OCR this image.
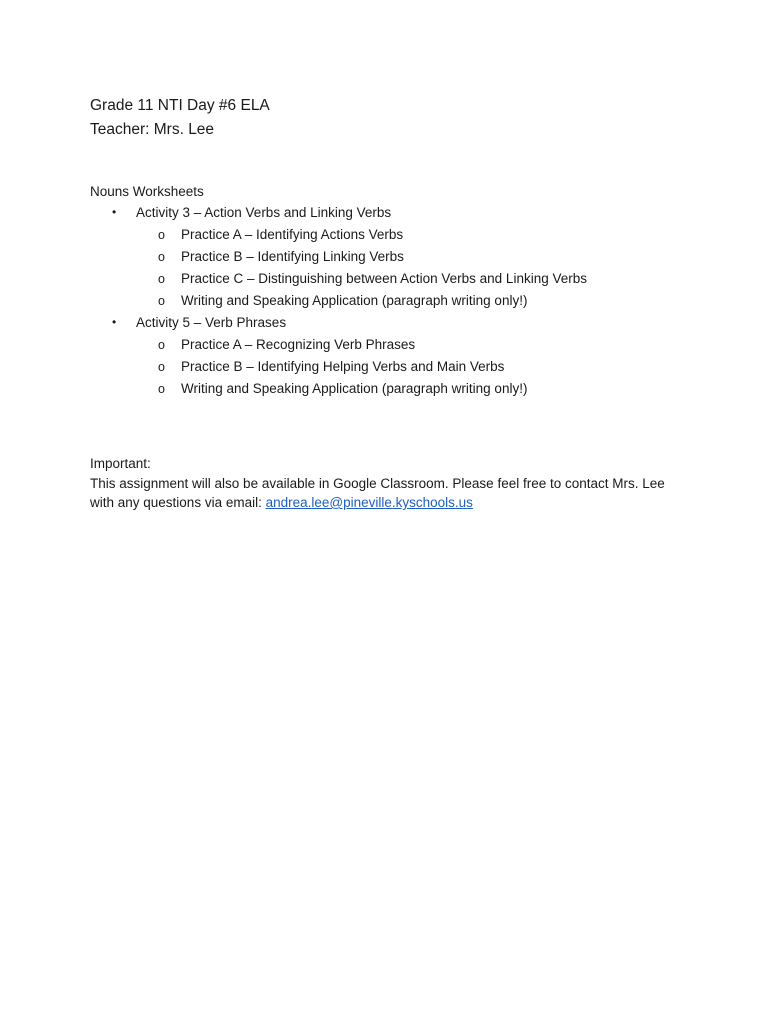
Grade 11 NTI Day #6 ELA
Teacher: Mrs. Lee
Nouns Worksheets
• Activity 3 – Action Verbs and Linking Verbs
o Practice A – Identifying Actions Verbs
o Practice B – Identifying Linking Verbs
o Practice C – Distinguishing between Action Verbs and Linking Verbs
o Writing and Speaking Application (paragraph writing only!)
• Activity 5 – Verb Phrases
o Practice A – Recognizing Verb Phrases
o Practice B – Identifying Helping Verbs and Main Verbs
o Writing and Speaking Application (paragraph writing only!)

Important:

This assignment will also be available in Google Classroom. Please feel free to contact Mrs. Lee with any questions via email: andrea.lee@pineville.kyschools.us
